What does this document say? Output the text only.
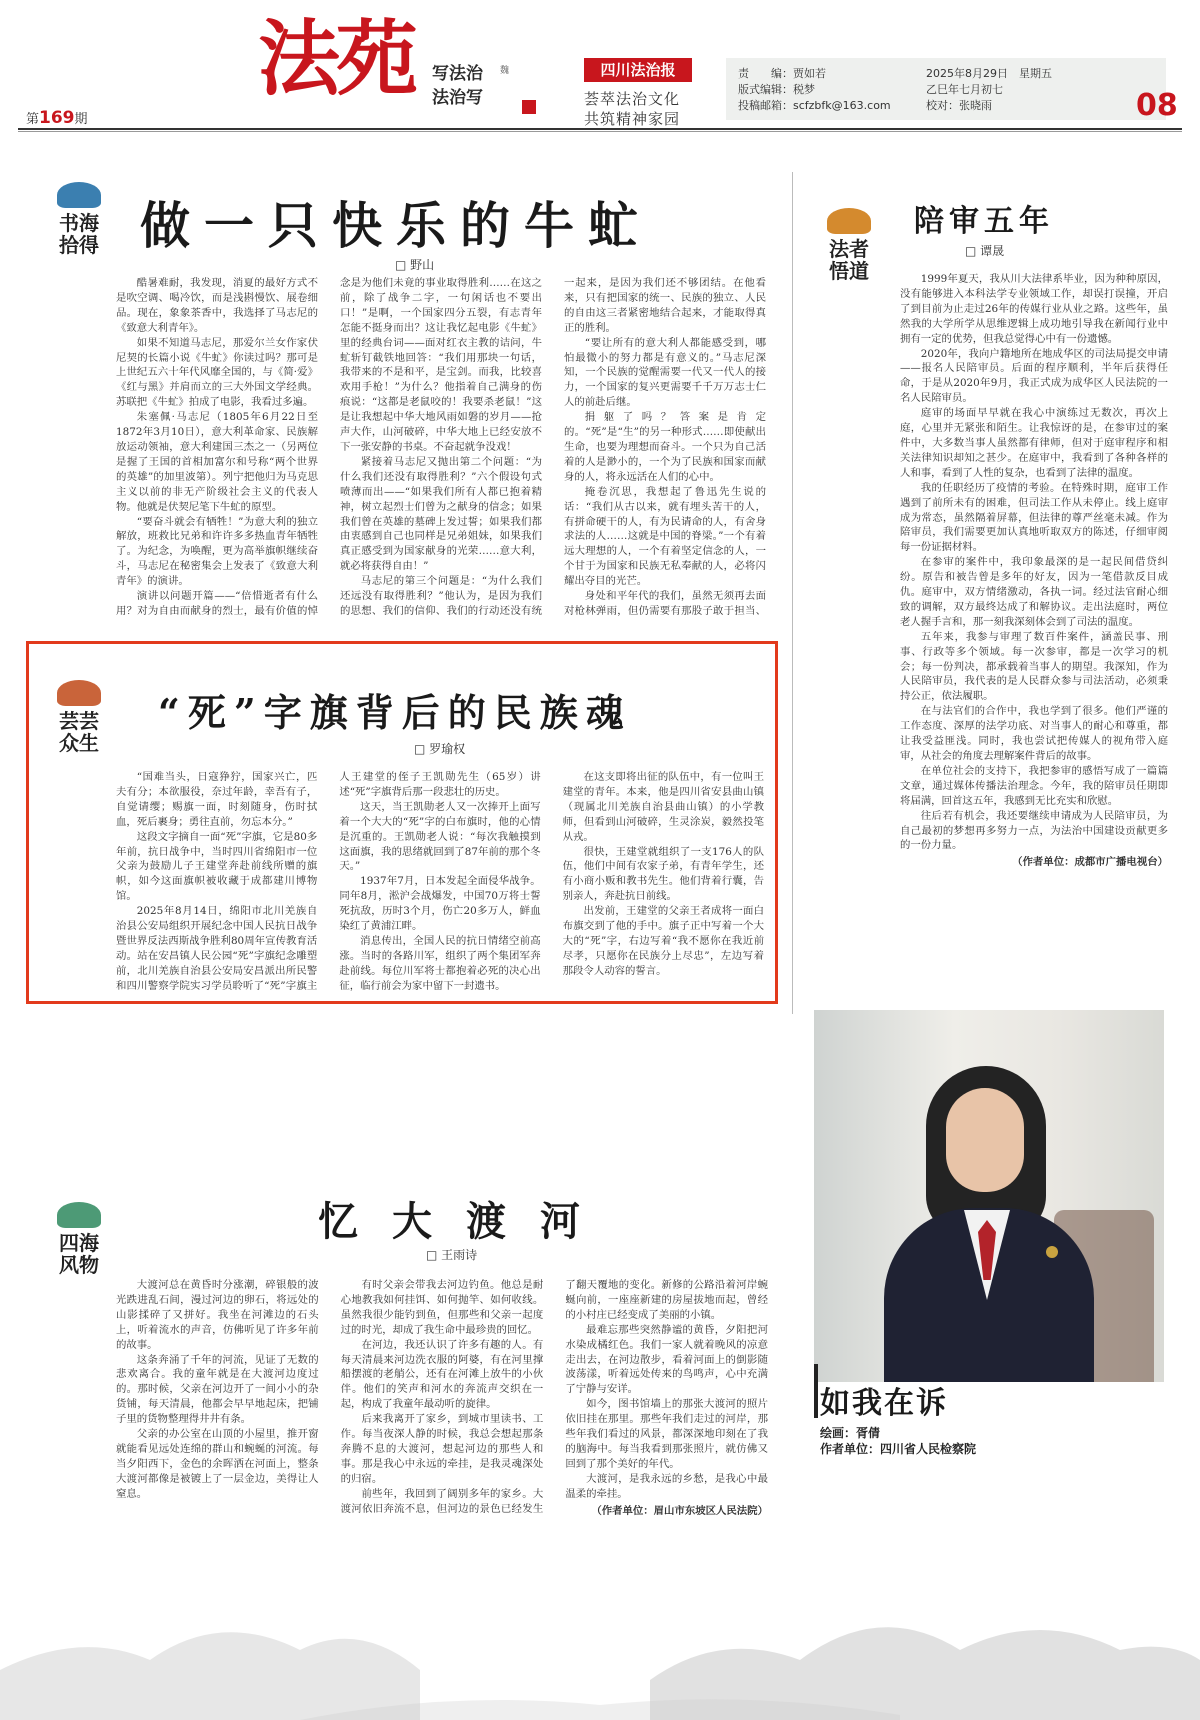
第169期
法苑 写法治
法治写
魏	四川法治报
荟萃法治文化
共筑精神家园
责　　编：贾如若
版式编辑：税梦
投稿邮箱：scfzbfk@163.com
2025年8月29日　星期五
乙巳年七月初七
校对：张晓雨	08
书海拾得 做一只快乐的牛虻
□ 野山

酷暑难耐，我发现，消夏的最好方式不是吹空调、喝冷饮，而是浅斟慢饮、展卷细品。现在，象象茶香中，我选择了马志尼的《致意大利青年》。

如果不知道马志尼，那爱尔兰女作家伏尼契的长篇小说《牛虻》你读过吗？那可是上世纪五六十年代风靡全国的，与《简·爱》《红与黑》并肩而立的三大外国文学经典。苏联把《牛虻》拍成了电影，我看过多遍。

朱塞佩·马志尼（1805年6月22日至1872年3月10日），意大利革命家、民族解放运动领袖，意大利建国三杰之一（另两位是握了王国的首相加富尔和号称“两个世界的英雄”的加里波第）。列宁把他归为马克思主义以前的非无产阶级社会主义的代表人物。他就是伏契尼笔下牛虻的原型。

“要奋斗就会有牺牲！”为意大利的独立解放，班救比兄弟和许许多多热血青年牺牲了。为纪念，为唤醒，更为高举旗帜继续奋斗，马志尼在秘密集会上发表了《致意大利青年》的演讲。

演讲以问题开篇——“倍惜逝者有什么用？对为自由而献身的烈士，最有价值的悼念是为他们未竟的事业取得胜利……在这之前，除了战争二字，一句闲话也不要出口！”是啊，一个国家四分五裂，有志青年怎能不挺身而出？这让我忆起电影《牛虻》里的经典台词——面对红衣主教的诘问，牛虻斩钉截铁地回答：“我们用那块一句话，我带来的不是和平，是宝剑。而我，比较喜欢用手枪！”为什么？他指着自己满身的伤痕说：“这都是老鼠咬的！我要杀老鼠！”这是让我想起中华大地风雨如磐的岁月——抢声大作，山河破碎，中华大地上已经安放不下一张安静的书桌。不奋起就争没戏！

紧接着马志尼又抛出第二个问题：“为什么我们还没有取得胜利？”六个假设句式喷薄而出——“如果我们所有人都已抱着精神，树立起烈士们曾为之献身的信念；如果我们曾在英雄的墓碑上发过誓；如果我们都由衷感到自己也同样是兄弟姐妹，如果我们真正感受到为国家献身的光荣……意大利，就必将获得自由！”

马志尼的第三个问题是：“为什么我们还远没有取得胜利？”他认为，是因为我们的思想、我们的信仰、我们的行动还没有统一起来，是因为我们还不够团结。在他看来，只有把国家的统一、民族的独立、人民的自由这三者紧密地结合起来，才能取得真正的胜利。

“要让所有的意大利人都能感受到，哪怕最微小的努力都是有意义的。”马志尼深知，一个民族的觉醒需要一代又一代人的接力，一个国家的复兴更需要千千万万志士仁人的前赴后继。

捐躯了吗？答案是肯定的。“死”是“生”的另一种形式……即使献出生命，也要为理想而奋斗。一个只为自己活着的人是渺小的，一个为了民族和国家而献身的人，将永远活在人们的心中。

掩卷沉思，我想起了鲁迅先生说的话：“我们从古以来，就有埋头苦干的人，有拼命硬干的人，有为民请命的人，有舍身求法的人……这就是中国的脊梁。”一个有着远大理想的人，一个有着坚定信念的人，一个甘于为国家和民族无私奉献的人，必将闪耀出夺目的光芒。

身处和平年代的我们，虽然无须再去面对枪林弹雨，但仍需要有那股子敢于担当、

法者悟道
陪审五年
□ 谭晟

1999年夏天，我从川大法律系毕业，因为种种原因，没有能够进入本科法学专业领域工作，却误打误撞，开启了到目前为止走过26年的传媒行业从业之路。这些年，虽然我的大学所学从思维逻辑上成功地引导我在新闻行业中拥有一定的优势，但我总觉得心中有一份遗憾。

2020年，我向户籍地所在地成华区的司法局提交申请——报名人民陪审员。后面的程序顺利，半年后获得任命，于是从2020年9月，我正式成为成华区人民法院的一名人民陪审员。

庭审的场面早早就在我心中演练过无数次，再次上庭，心里并无紧张和陌生。让我惊讶的是，在参审过的案件中，大多数当事人虽然都有律师，但对于庭审程序和相关法律知识却知之甚少。在庭审中，我看到了各种各样的人和事，看到了人性的复杂，也看到了法律的温度。

我的任职经历了疫情的考验。在特殊时期，庭审工作遇到了前所未有的困难，但司法工作从未停止。线上庭审成为常态，虽然隔着屏幕，但法律的尊严丝毫未减。作为陪审员，我们需要更加认真地听取双方的陈述，仔细审阅每一份证据材料。

在参审的案件中，我印象最深的是一起民间借贷纠纷。原告和被告曾是多年的好友，因为一笔借款反目成仇。庭审中，双方情绪激动，各执一词。经过法官耐心细致的调解，双方最终达成了和解协议。走出法庭时，两位老人握手言和，那一刻我深刻体会到了司法的温度。

五年来，我参与审理了数百件案件，涵盖民事、刑事、行政等多个领域。每一次参审，都是一次学习的机会；每一份判决，都承载着当事人的期望。我深知，作为人民陪审员，我代表的是人民群众参与司法活动，必须秉持公正，依法履职。

在与法官们的合作中，我也学到了很多。他们严谨的工作态度、深厚的法学功底、对当事人的耐心和尊重，都让我受益匪浅。同时，我也尝试把传媒人的视角带入庭审，从社会的角度去理解案件背后的故事。

在单位社会的支持下，我把参审的感悟写成了一篇篇文章，通过媒体传播法治理念。今年，我的陪审员任期即将届满，回首这五年，我感到无比充实和欣慰。

往后若有机会，我还要继续申请成为人民陪审员，为自己最初的梦想再多努力一点，为法治中国建设贡献更多的一份力量。

（作者单位：成都市广播电视台）

芸芸众生
“死”字旗背后的民族魂
□ 罗瑜权

“国难当头，日寇狰狞，国家兴亡，匹夫有分；本欲服役，奈过年龄，幸吾有子，自觉请缨；赐旗一面，时刻随身，伤时拭血，死后裹身；勇往直前，勿忘本分。”

这段文字摘自一面“死”字旗，它是80多年前，抗日战争中，当时四川省绵阳市一位父亲为鼓励儿子王建堂奔赴前线所赠的旗帜，如今这面旗帜被收藏于成都建川博物馆。

2025年8月14日，绵阳市北川羌族自治县公安局组织开展纪念中国人民抗日战争暨世界反法西斯战争胜利80周年宣传教育活动。站在安昌镇人民公园“死”字旗纪念雕塑前，北川羌族自治县公安局安昌派出所民警和四川警察学院实习学员聆听了“死”字旗主人王建堂的侄子王凯勋先生（65岁）讲述“死”字旗背后那一段悲壮的历史。

这天，当王凯勋老人又一次捧开上面写着一个大大的“死”字的白布旗时，他的心情是沉重的。王凯勋老人说：“每次我触摸到这面旗，我的思绪就回到了87年前的那个冬天。”

1937年7月，日本发起全面侵华战争。同年8月，淞沪会战爆发，中国70万将士誓死抗敌，历时3个月，伤亡20多万人，鲜血染红了黄浦江畔。

消息传出，全国人民的抗日情绪空前高涨。当时的各路川军，组织了两个集团军奔赴前线。每位川军将士都抱着必死的决心出征，临行前会为家中留下一封遗书。

在这支即将出征的队伍中，有一位叫王建堂的青年。本来，他是四川省安县曲山镇（现属北川羌族自治县曲山镇）的小学教师，但看到山河破碎，生灵涂炭，毅然投笔从戎。

很快，王建堂就组织了一支176人的队伍，他们中间有农家子弟，有青年学生，还有小商小贩和教书先生。他们背着行囊，告别亲人，奔赴抗日前线。

出发前，王建堂的父亲王者成将一面白布旗交到了他的手中。旗子正中写着一个大大的“死”字，右边写着“我不愿你在我近前尽孝，只愿你在民族分上尽忠”，左边写着那段令人动容的誓言。

四海风物
忆大渡河
□ 王雨诗

大渡河总在黄昏时分涨潮，碎银般的波光跌进乱石间，漫过河边的卵石，将远处的山影揉碎了又拼好。我坐在河滩边的石头上，听着流水的声音，仿佛听见了许多年前的故事。

这条奔涌了千年的河流，见证了无数的悲欢离合。我的童年就是在大渡河边度过的。那时候，父亲在河边开了一间小小的杂货铺，每天清晨，他都会早早地起床，把铺子里的货物整理得井井有条。

父亲的办公室在山顶的小屋里，推开窗就能看见远处连绵的群山和蜿蜒的河流。每当夕阳西下，金色的余晖洒在河面上，整条大渡河都像是被镀上了一层金边，美得让人窒息。

有时父亲会带我去河边钓鱼。他总是耐心地教我如何挂饵、如何抛竿、如何收线。虽然我很少能钓到鱼，但那些和父亲一起度过的时光，却成了我生命中最珍贵的回忆。

在河边，我还认识了许多有趣的人。有每天清晨来河边洗衣服的阿婆，有在河里撑船摆渡的老艄公，还有在河滩上放牛的小伙伴。他们的笑声和河水的奔流声交织在一起，构成了我童年最动听的旋律。

后来我离开了家乡，到城市里读书、工作。每当夜深人静的时候，我总会想起那条奔腾不息的大渡河，想起河边的那些人和事。那是我心中永远的牵挂，是我灵魂深处的归宿。

前些年，我回到了阔别多年的家乡。大渡河依旧奔流不息，但河边的景色已经发生了翻天覆地的变化。新修的公路沿着河岸蜿蜒向前，一座座新建的房屋拔地而起，曾经的小村庄已经变成了美丽的小镇。

最难忘那些突然静谧的黄昏，夕阳把河水染成橘红色。我们一家人就着晚风的凉意走出去，在河边散步，看着河面上的倒影随波荡漾，听着远处传来的鸟鸣声，心中充满了宁静与安详。

如今，图书馆墙上的那张大渡河的照片依旧挂在那里。那些年我们走过的河岸，那些年我们看过的风景，都深深地印刻在了我的脑海中。每当我看到那张照片，就仿佛又回到了那个美好的年代。

大渡河，是我永远的乡愁，是我心中最温柔的牵挂。

（作者单位：眉山市东坡区人民法院）

如我在诉
绘画：胥倩
作者单位：四川省人民检察院
